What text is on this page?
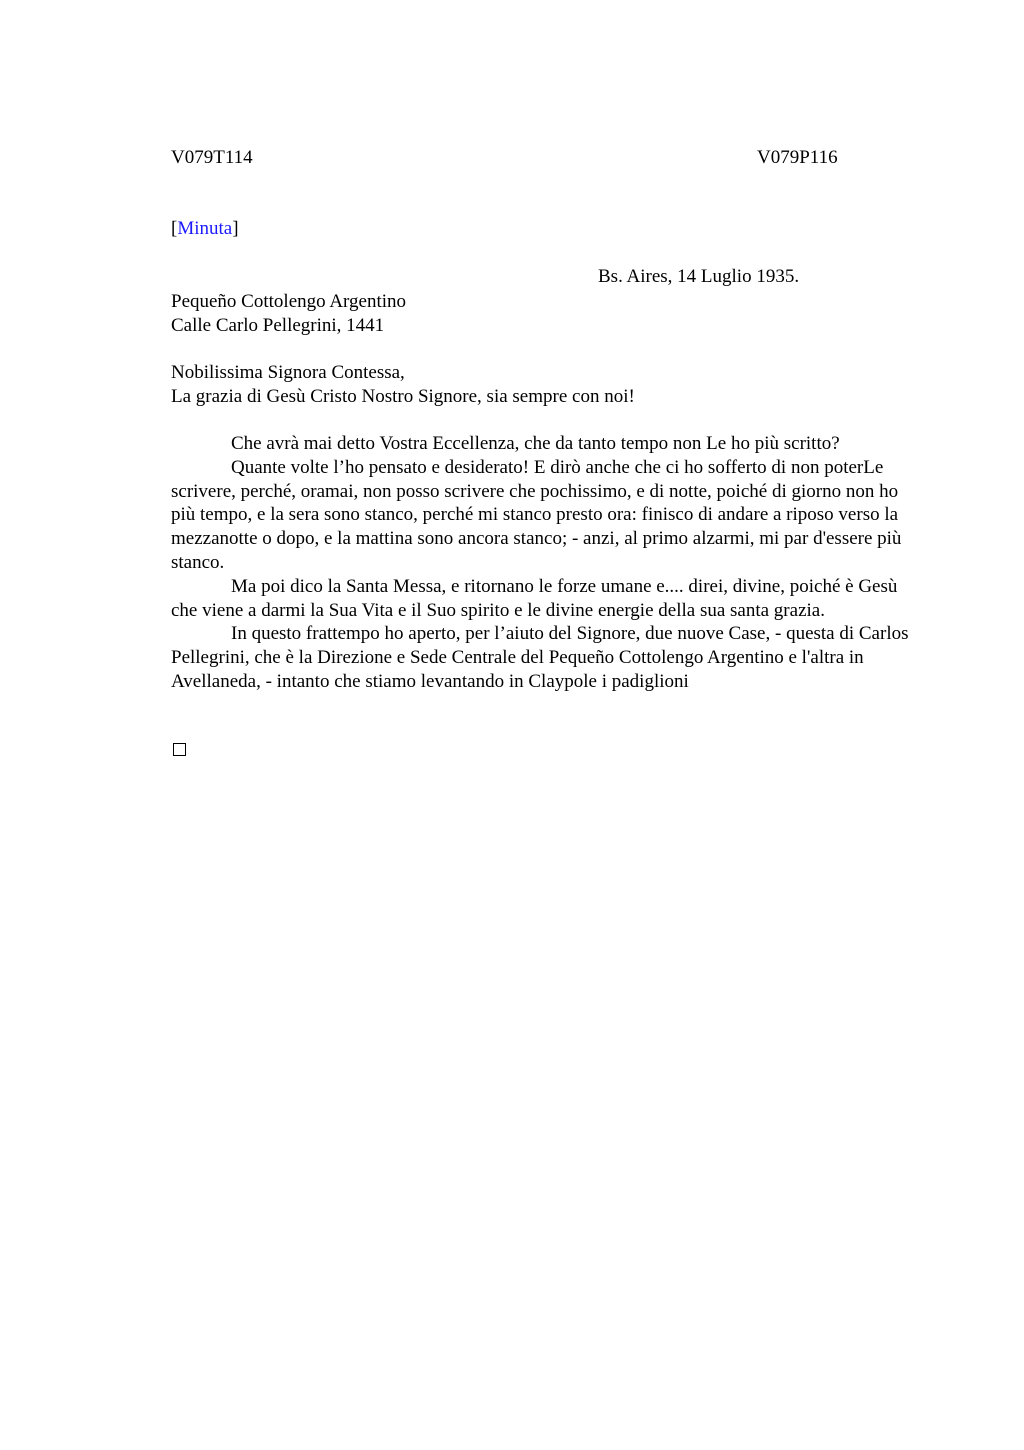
V079T114	V079P116
[Minuta]
Bs. Aires, 14 Luglio 1935.
Pequeño Cottolengo Argentino
Calle Carlo Pellegrini, 1441
Nobilissima Signora Contessa,
La grazia di Gesù Cristo Nostro Signore, sia sempre con noi!

Che avrà mai detto Vostra Eccellenza, che da tanto tempo non Le ho più scritto?

Quante volte l’ho pensato e desiderato! E dirò anche che ci ho sofferto di non poterLe scrivere, perché, oramai, non posso scrivere che pochissimo, e di notte, poiché di giorno non ho più tempo, e la sera sono stanco, perché mi stanco presto ora: finisco di andare a riposo verso la mezzanotte o dopo, e la mattina sono ancora stanco; - anzi, al primo alzarmi, mi par d'essere più stanco.

Ma poi dico la Santa Messa, e ritornano le forze umane e.... direi, divine, poiché è Gesù che viene a darmi la Sua Vita e il Suo spirito e le divine energie della sua santa grazia.

In questo frattempo ho aperto, per l’aiuto del Signore, due nuove Case, - questa di Carlos Pellegrini, che è la Direzione e Sede Centrale del Pequeño Cottolengo Argentino e l'altra in Avellaneda, - intanto che stiamo levantando in Claypole i padiglioni
